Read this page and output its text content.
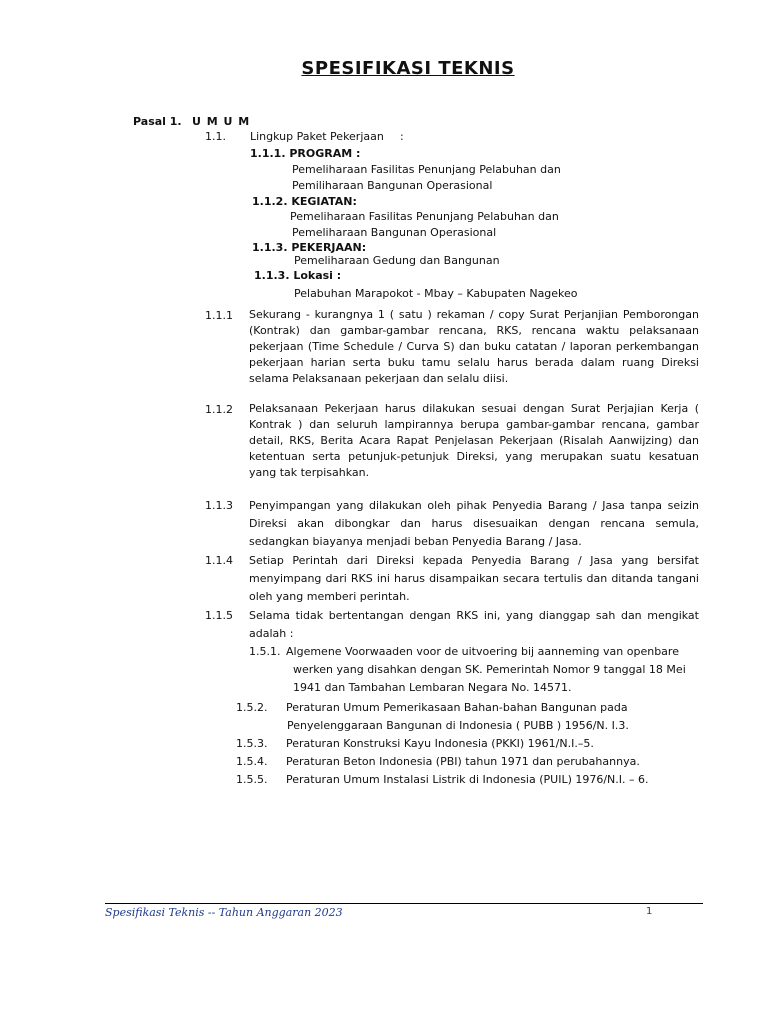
SPESIFIKASI TEKNIS
Pasal 1. U M U M
1.1. Lingkup Paket Pekerjaan :
1.1.1. PROGRAM :
Pemeliharaan Fasilitas Penunjang Pelabuhan dan
Pemiliharaan Bangunan Operasional
1.1.2. KEGIATAN:
Pemeliharaan Fasilitas Penunjang Pelabuhan dan
Pemeliharaan Bangunan Operasional
1.1.3. PEKERJAAN:
Pemeliharaan Gedung dan Bangunan
1.1.3. Lokasi :
Pelabuhan Marapokot - Mbay – Kabupaten Nagekeo
1.1.1 Sekurang - kurangnya 1 ( satu ) rekaman / copy Surat Perjanjian Pemborongan (Kontrak) dan gambar-gambar rencana, RKS, rencana waktu pelaksanaan pekerjaan (Time Schedule / Curva S) dan buku catatan / laporan perkembangan pekerjaan harian serta buku tamu selalu harus berada dalam ruang Direksi selama Pelaksanaan pekerjaan dan selalu diisi.
1.1.2 Pelaksanaan Pekerjaan harus dilakukan sesuai dengan Surat Perjajian Kerja ( Kontrak ) dan seluruh lampirannya berupa gambar-gambar rencana, gambar detail, RKS, Berita Acara Rapat Penjelasan Pekerjaan (Risalah Aanwijzing) dan ketentuan serta petunjuk-petunjuk Direksi, yang merupakan suatu kesatuan yang tak terpisahkan.
1.1.3 Penyimpangan yang dilakukan oleh pihak Penyedia Barang / Jasa tanpa seizin Direksi akan dibongkar dan harus disesuaikan dengan rencana semula, sedangkan biayanya menjadi beban Penyedia Barang / Jasa.
1.1.4 Setiap Perintah dari Direksi kepada Penyedia Barang / Jasa yang bersifat menyimpang dari RKS ini harus disampaikan secara tertulis dan ditanda tangani oleh yang memberi perintah.
1.1.5 Selama tidak bertentangan dengan RKS ini, yang dianggap sah dan mengikat adalah :
1.5.1. Algemene Voorwaaden voor de uitvoering bij aanneming van openbare
werken yang disahkan dengan SK. Pemerintah Nomor 9 tanggal 18 Mei
1941 dan Tambahan Lembaran Negara No. 14571.
1.5.2. Peraturan Umum Pemerikasaan Bahan-bahan Bangunan pada
Penyelenggaraan Bangunan di Indonesia ( PUBB ) 1956/N. I.3.
1.5.3. Peraturan Konstruksi Kayu Indonesia (PKKI) 1961/N.I.–5.
1.5.4. Peraturan Beton Indonesia (PBI) tahun 1971 dan perubahannya.
1.5.5. Peraturan Umum Instalasi Listrik di Indonesia (PUIL) 1976/N.I. – 6.
Spesifikasi Teknis -- Tahun Anggaran 2023	1
